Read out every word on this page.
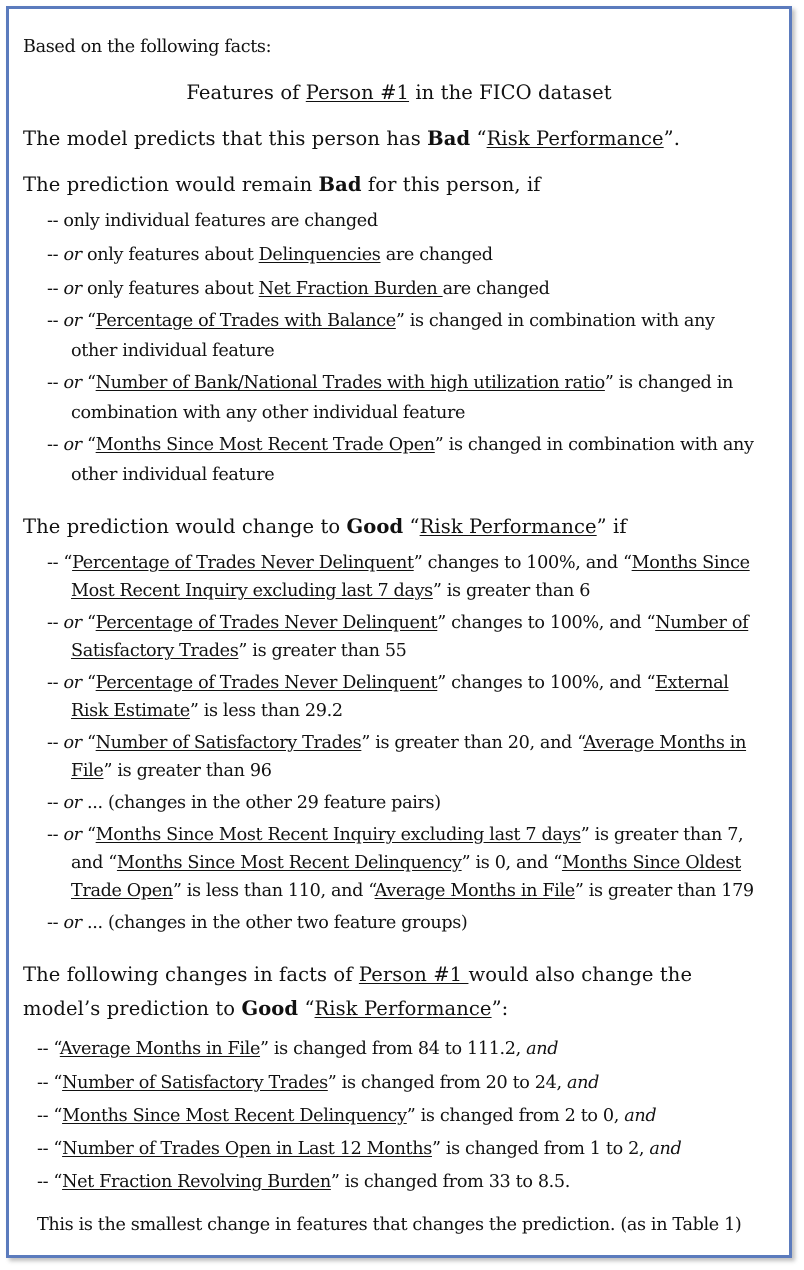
Based on the following facts:
Features of Person #1 in the FICO dataset
The model predicts that this person has Bad “Risk Performance”.
The prediction would remain Bad for this person, if
-- only individual features are changed
-- or only features about Delinquencies are changed
-- or only features about Net Fraction Burden are changed
-- or “Percentage of Trades with Balance” is changed in combination with any
other individual feature
-- or “Number of Bank/National Trades with high utilization ratio” is changed in
combination with any other individual feature
-- or “Months Since Most Recent Trade Open” is changed in combination with any
other individual feature
The prediction would change to Good “Risk Performance” if
-- “Percentage of Trades Never Delinquent” changes to 100%, and “Months Since
Most Recent Inquiry excluding last 7 days” is greater than 6
-- or “Percentage of Trades Never Delinquent” changes to 100%, and “Number of
Satisfactory Trades” is greater than 55
-- or “Percentage of Trades Never Delinquent” changes to 100%, and “External
Risk Estimate” is less than 29.2
-- or “Number of Satisfactory Trades” is greater than 20, and “Average Months in
File” is greater than 96
-- or ... (changes in the other 29 feature pairs)
-- or “Months Since Most Recent Inquiry excluding last 7 days” is greater than 7,
and “Months Since Most Recent Delinquency” is 0, and “Months Since Oldest
Trade Open” is less than 110, and “Average Months in File” is greater than 179
-- or ... (changes in the other two feature groups)
The following changes in facts of Person #1 would also change the
model’s prediction to Good “Risk Performance”:
-- “Average Months in File” is changed from 84 to 111.2, and
-- “Number of Satisfactory Trades” is changed from 20 to 24, and
-- “Months Since Most Recent Delinquency” is changed from 2 to 0, and
-- “Number of Trades Open in Last 12 Months” is changed from 1 to 2, and
-- “Net Fraction Revolving Burden” is changed from 33 to 8.5.
This is the smallest change in features that changes the prediction. (as in Table 1)
